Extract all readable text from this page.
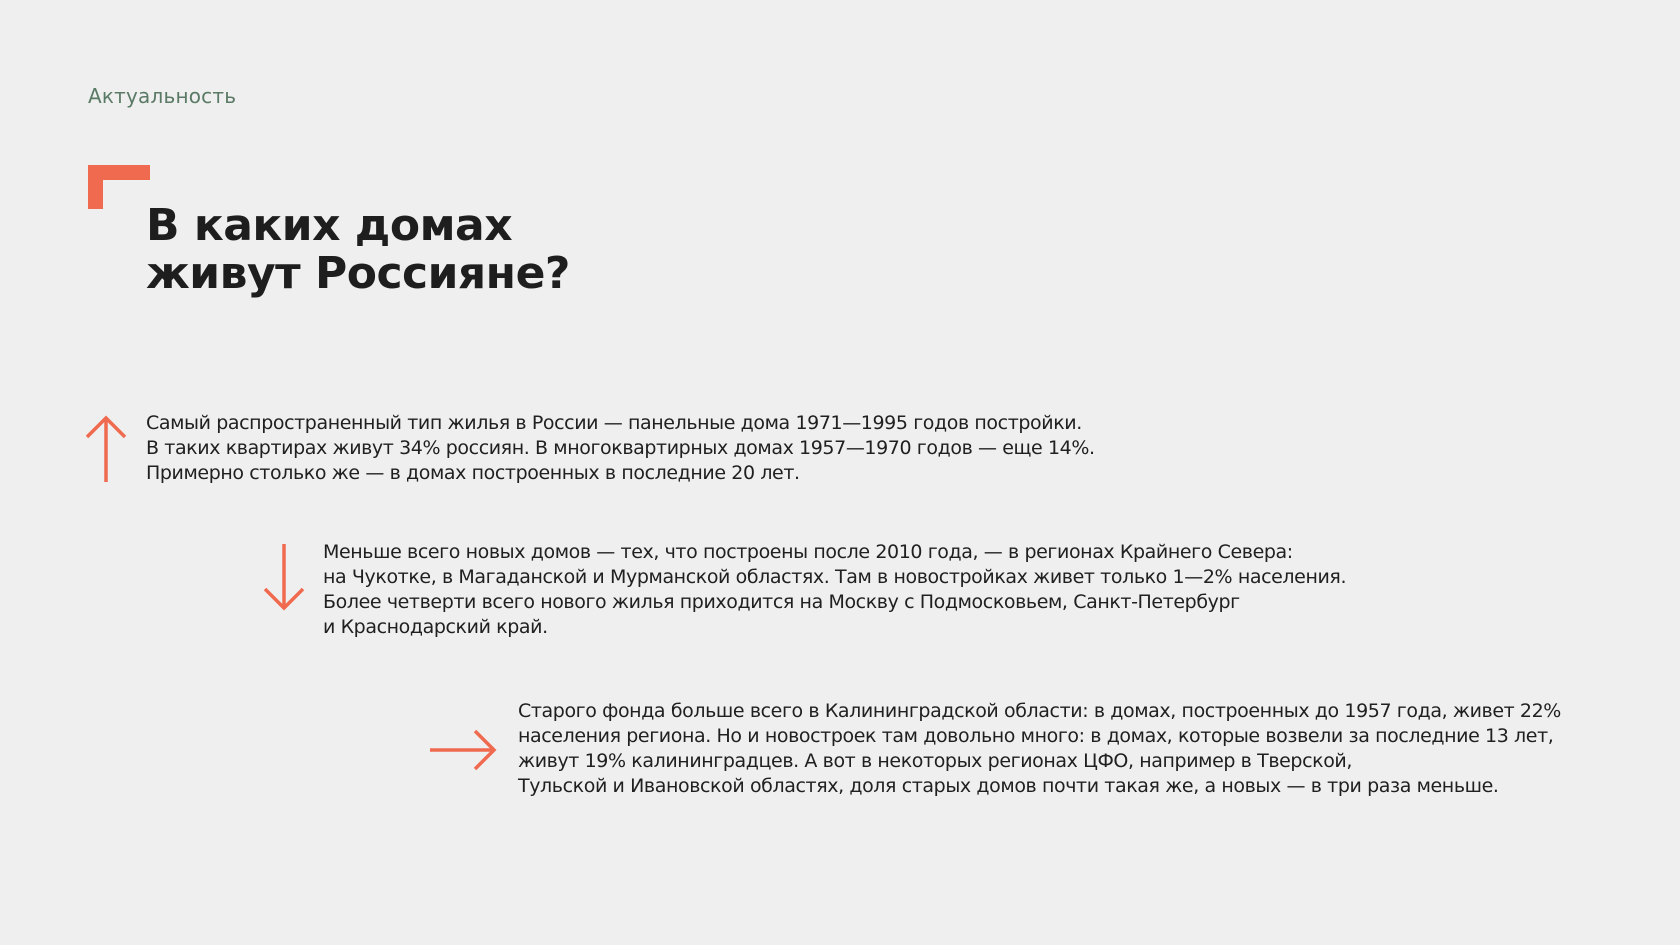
Актуальность
В каких домах
живут Россияне?
Самый распространенный тип жилья в России — панельные дома 1971—1995 годов постройки.
В таких квартирах живут 34% россиян. В многоквартирных домах 1957—1970 годов — еще 14%.
Примерно столько же — в домах построенных в последние 20 лет.
Меньше всего новых домов — тех, что построены после 2010 года, — в регионах Крайнего Севера:
на Чукотке, в Магаданской и Мурманской областях. Там в новостройках живет только 1—2% населения.
Более четверти всего нового жилья приходится на Москву с Подмосковьем, Санкт-Петербург
и Краснодарский край.
Старого фонда больше всего в Калининградской области: в домах, построенных до 1957 года, живет 22%
населения региона. Но и новостроек там довольно много: в домах, которые возвели за последние 13 лет,
живут 19% калининградцев. А вот в некоторых регионах ЦФО, например в Тверской,
Тульской и Ивановской областях, доля старых домов почти такая же, а новых — в три раза меньше.
